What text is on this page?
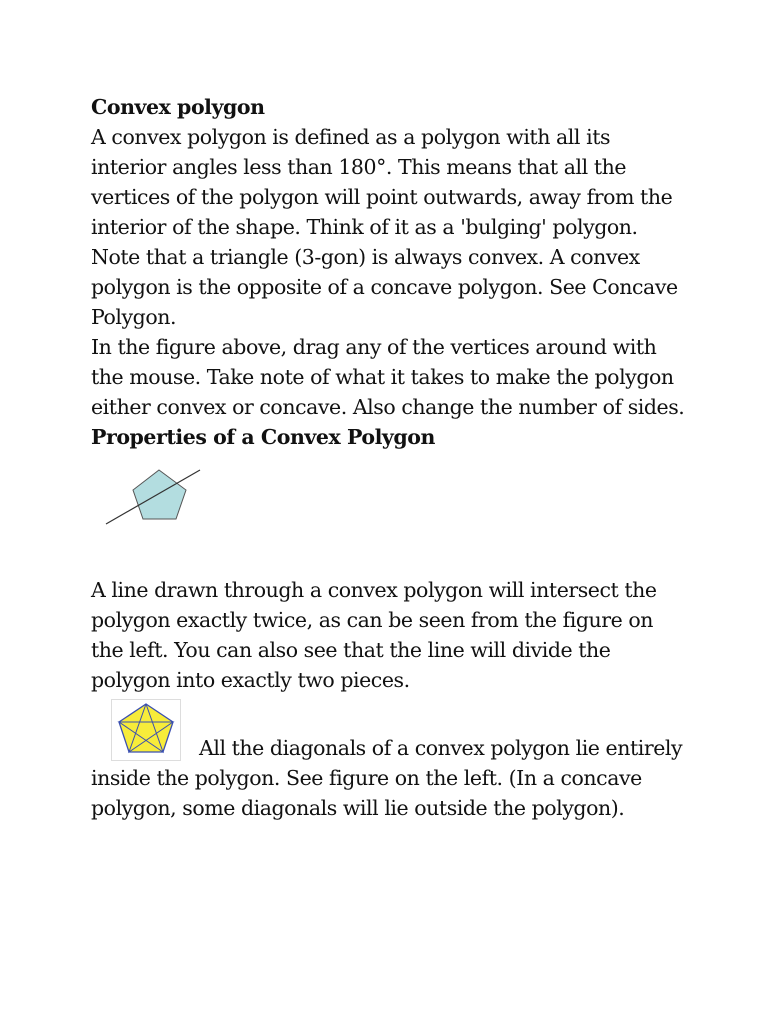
Convex polygon

A convex polygon is defined as a polygon with all its interior angles less than 180°. This means that all the vertices of the polygon will point outwards, away from the interior of the shape. Think of it as a 'bulging' polygon. Note that a triangle (3-gon) is always convex. A convex polygon is the opposite of a concave polygon. See Concave Polygon.

In the figure above, drag any of the vertices around with the mouse. Take note of what it takes to make the polygon either convex or concave. Also change the number of sides.

Properties of a Convex Polygon

A line drawn through a convex polygon will intersect the polygon exactly twice, as can be seen from the figure on the left. You can also see that the line will divide the polygon into exactly two pieces.

All the diagonals of a convex polygon lie entirely inside the polygon. See figure on the left. (In a concave polygon, some diagonals will lie outside the polygon).
